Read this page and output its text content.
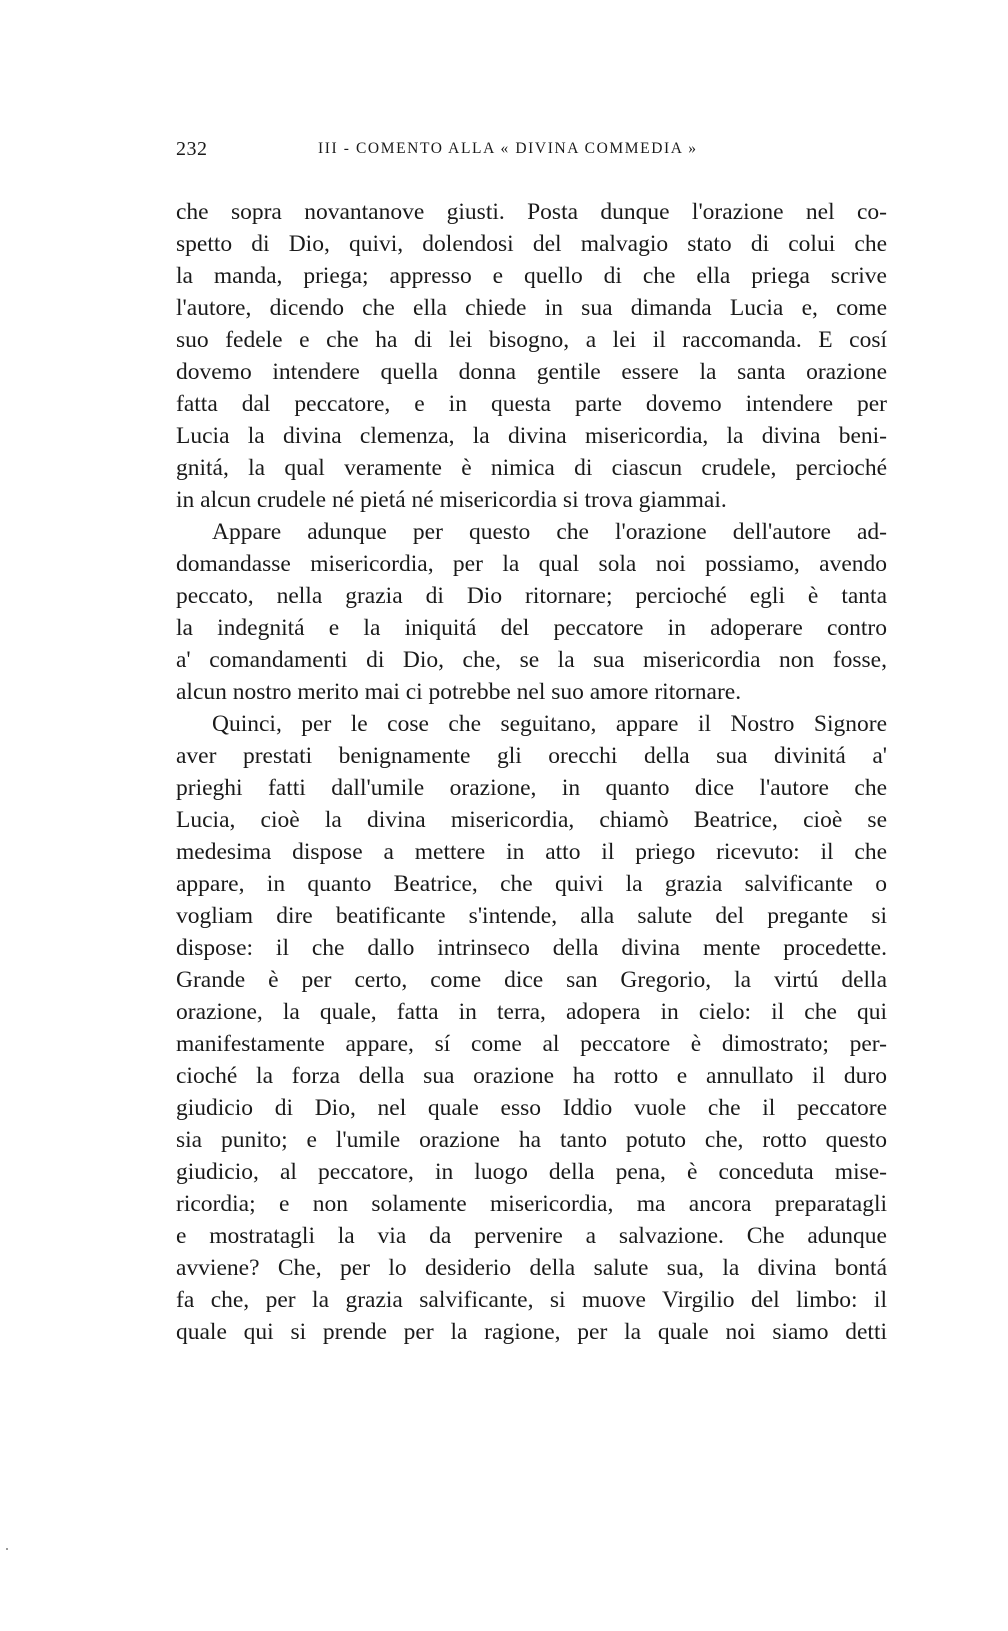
232	III - COMENTO ALLA « DIVINA COMMEDIA »
che sopra novantanove giusti. Posta dunque l'orazione nel co-
spetto di Dio, quivi, dolendosi del malvagio stato di colui che
la manda, priega; appresso e quello di che ella priega scrive
l'autore, dicendo che ella chiede in sua dimanda Lucia e, come
suo fedele e che ha di lei bisogno, a lei il raccomanda. E cosí
dovemo intendere quella donna gentile essere la santa orazione
fatta dal peccatore, e in questa parte dovemo intendere per
Lucia la divina clemenza, la divina misericordia, la divina beni-
gnitá, la qual veramente è nimica di ciascun crudele, percioché
in alcun crudele né pietá né misericordia si trova giammai.
Appare adunque per questo che l'orazione dell'autore ad-
domandasse misericordia, per la qual sola noi possiamo, avendo
peccato, nella grazia di Dio ritornare; percioché egli è tanta
la indegnitá e la iniquitá del peccatore in adoperare contro
a' comandamenti di Dio, che, se la sua misericordia non fosse,
alcun nostro merito mai ci potrebbe nel suo amore ritornare.
Quinci, per le cose che seguitano, appare il Nostro Signore
aver prestati benignamente gli orecchi della sua divinitá a'
prieghi fatti dall'umile orazione, in quanto dice l'autore che
Lucia, cioè la divina misericordia, chiamò Beatrice, cioè se
medesima dispose a mettere in atto il priego ricevuto: il che
appare, in quanto Beatrice, che quivi la grazia salvificante o
vogliam dire beatificante s'intende, alla salute del pregante si
dispose: il che dallo intrinseco della divina mente procedette.
Grande è per certo, come dice san Gregorio, la virtú della
orazione, la quale, fatta in terra, adopera in cielo: il che qui
manifestamente appare, sí come al peccatore è dimostrato; per-
cioché la forza della sua orazione ha rotto e annullato il duro
giudicio di Dio, nel quale esso Iddio vuole che il peccatore
sia punito; e l'umile orazione ha tanto potuto che, rotto questo
giudicio, al peccatore, in luogo della pena, è conceduta mise-
ricordia; e non solamente misericordia, ma ancora preparatagli
e mostratagli la via da pervenire a salvazione. Che adunque
avviene? Che, per lo desiderio della salute sua, la divina bontá
fa che, per la grazia salvificante, si muove Virgilio del limbo: il
quale qui si prende per la ragione, per la quale noi siamo detti
